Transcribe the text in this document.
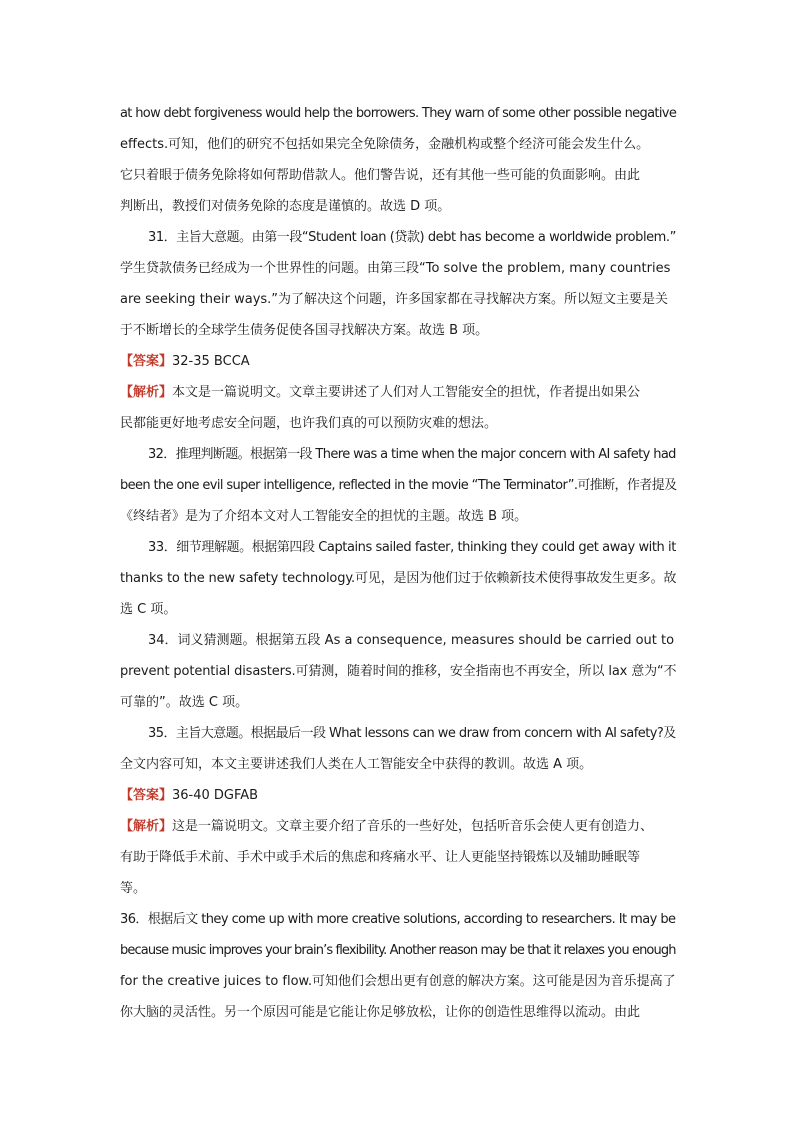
at how debt forgiveness would help the borrowers. They warn of some other possible negative
effects.可知，他们的研究不包括如果完全免除债务，金融机构或整个经济可能会发生什么。
它只着眼于债务免除将如何帮助借款人。他们警告说，还有其他一些可能的负面影响。由此
判断出，教授们对债务免除的态度是谨慎的。故选 D 项。
31．主旨大意题。由第一段“Student loan (贷款) debt has become a worldwide problem.”
学生贷款债务已经成为一个世界性的问题。由第三段“To solve the problem, many countries
are seeking their ways.”为了解决这个问题，许多国家都在寻找解决方案。所以短文主要是关
于不断增长的全球学生债务促使各国寻找解决方案。故选 B 项。
【答案】32-35 BCCA
【解析】本文是一篇说明文。文章主要讲述了人们对人工智能安全的担忧，作者提出如果公
民都能更好地考虑安全问题，也许我们真的可以预防灾难的想法。
32．推理判断题。根据第一段 There was a time when the major concern with AI safety had
been the one evil super intelligence, reflected in the movie “The Terminator”.可推断，作者提及
《终结者》是为了介绍本文对人工智能安全的担忧的主题。故选 B 项。
33．细节理解题。根据第四段 Captains sailed faster, thinking they could get away with it
thanks to the new safety technology.可见，是因为他们过于依赖新技术使得事故发生更多。故
选 C 项。
34．词义猜测题。根据第五段 As a consequence, measures should be carried out to
prevent potential disasters.可猜测，随着时间的推移，安全指南也不再安全，所以 lax 意为“不
可靠的”。故选 C 项。
35．主旨大意题。根据最后一段 What lessons can we draw from concern with AI safety?及
全文内容可知，本文主要讲述我们人类在人工智能安全中获得的教训。故选 A 项。
【答案】36-40 DGFAB
【解析】这是一篇说明文。文章主要介绍了音乐的一些好处，包括听音乐会使人更有创造力、
有助于降低手术前、手术中或手术后的焦虑和疼痛水平、让人更能坚持锻炼以及辅助睡眠等
等。
36．根据后文 they come up with more creative solutions, according to researchers. It may be
because music improves your brain’s flexibility. Another reason may be that it relaxes you enough
for the creative juices to flow.可知他们会想出更有创意的解决方案。这可能是因为音乐提高了
你大脑的灵活性。另一个原因可能是它能让你足够放松，让你的创造性思维得以流动。由此
